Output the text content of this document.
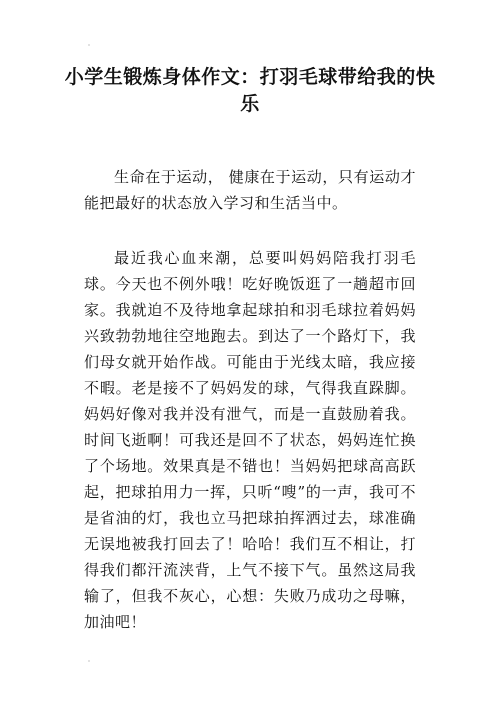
小学生锻炼身体作文：打羽毛球带给我的快乐

生命在于运动， 健康在于运动，只有运动才能把最好的状态放入学习和生活当中。

最近我心血来潮，总要叫妈妈陪我打羽毛球。今天也不例外哦！吃好晚饭逛了一趟超市回家。我就迫不及待地拿起球拍和羽毛球拉着妈妈兴致勃勃地往空地跑去。到达了一个路灯下，我们母女就开始作战。可能由于光线太暗，我应接不暇。老是接不了妈妈发的球，气得我直跺脚。妈妈好像对我并没有泄气，而是一直鼓励着我。时间飞逝啊！可我还是回不了状态，妈妈连忙换了个场地。效果真是不错也！当妈妈把球高高跃起，把球拍用力一挥，只听“嗖”的一声，我可不是省油的灯，我也立马把球拍挥洒过去，球准确无误地被我打回去了！哈哈！我们互不相让，打得我们都汗流浃背，上气不接下气。虽然这局我输了，但我不灰心，心想：失败乃成功之母嘛，加油吧！
